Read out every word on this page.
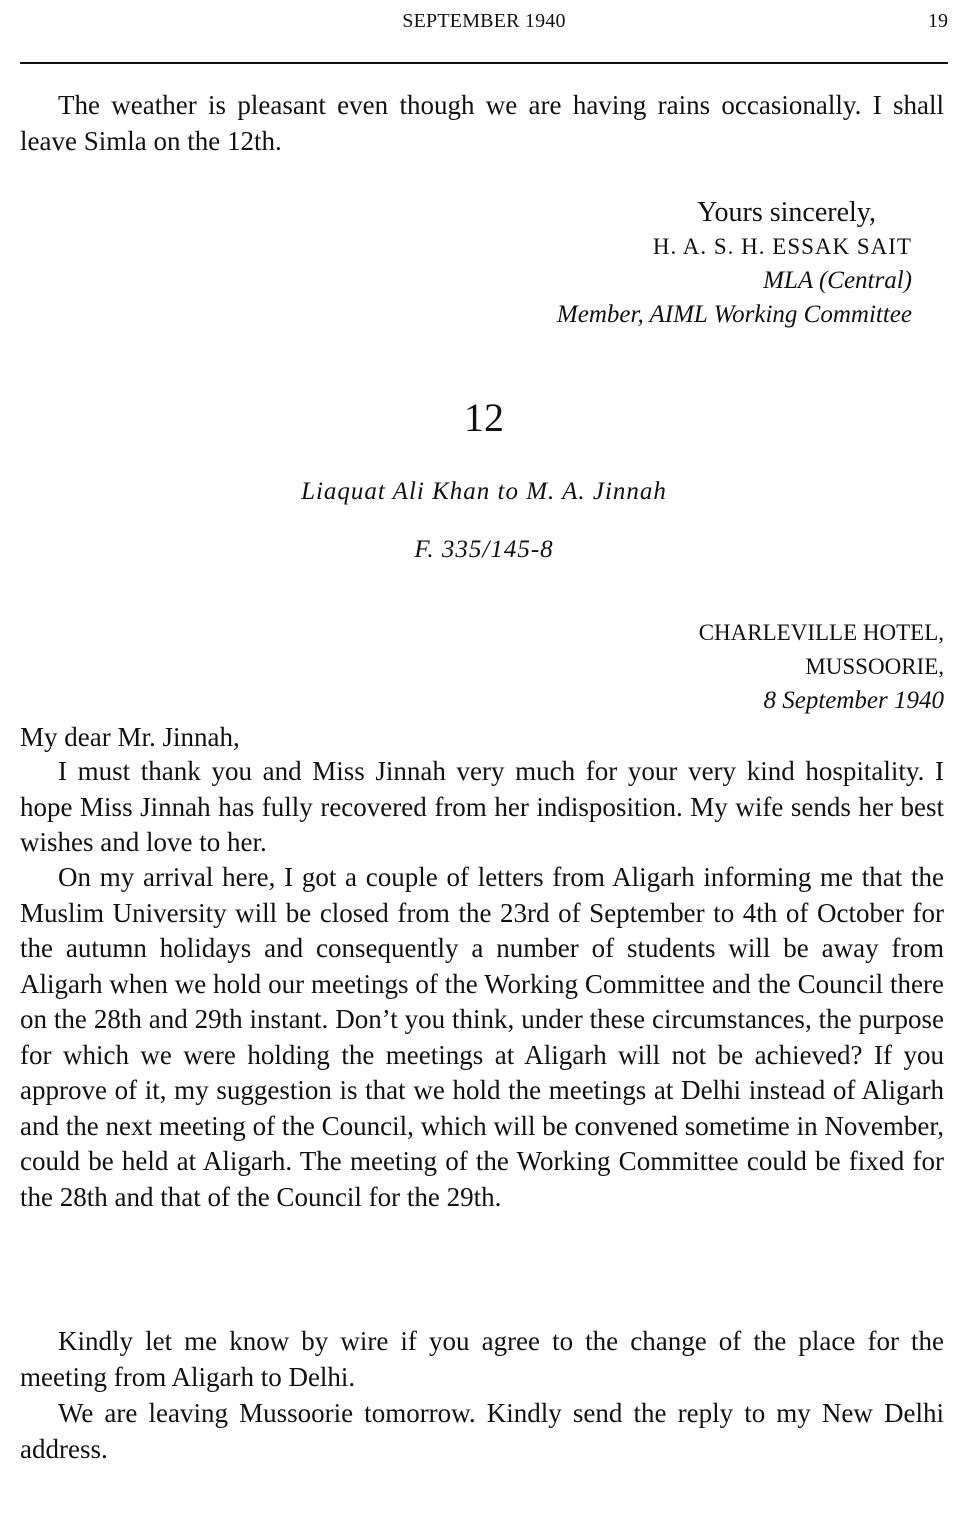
SEPTEMBER 1940	19

The weather is pleasant even though we are having rains occasionally. I shall leave Simla on the 12th.

Yours sincerely,
H. A. S. H. ESSAK SAIT
MLA (Central)
Member, AIML Working Committee
12
Liaquat Ali Khan to M. A. Jinnah
F. 335/145-8
CHARLEVILLE HOTEL,
MUSSOORIE,
8 September 1940

My dear Mr. Jinnah,

I must thank you and Miss Jinnah very much for your very kind hospitality. I hope Miss Jinnah has fully recovered from her indisposition. My wife sends her best wishes and love to her.

On my arrival here, I got a couple of letters from Aligarh informing me that the Muslim University will be closed from the 23rd of September to 4th of October for the autumn holidays and consequently a number of students will be away from Aligarh when we hold our meetings of the Working Committee and the Council there on the 28th and 29th instant. Don’t you think, under these circumstances, the purpose for which we were holding the meetings at Aligarh will not be achieved? If you approve of it, my suggestion is that we hold the meetings at Delhi instead of Aligarh and the next meeting of the Council, which will be convened sometime in November, could be held at Aligarh. The meeting of the Working Committee could be fixed for the 28th and that of the Council for the 29th.

Kindly let me know by wire if you agree to the change of the place for the meeting from Aligarh to Delhi.

We are leaving Mussoorie tomorrow. Kindly send the reply to my New Delhi address.
